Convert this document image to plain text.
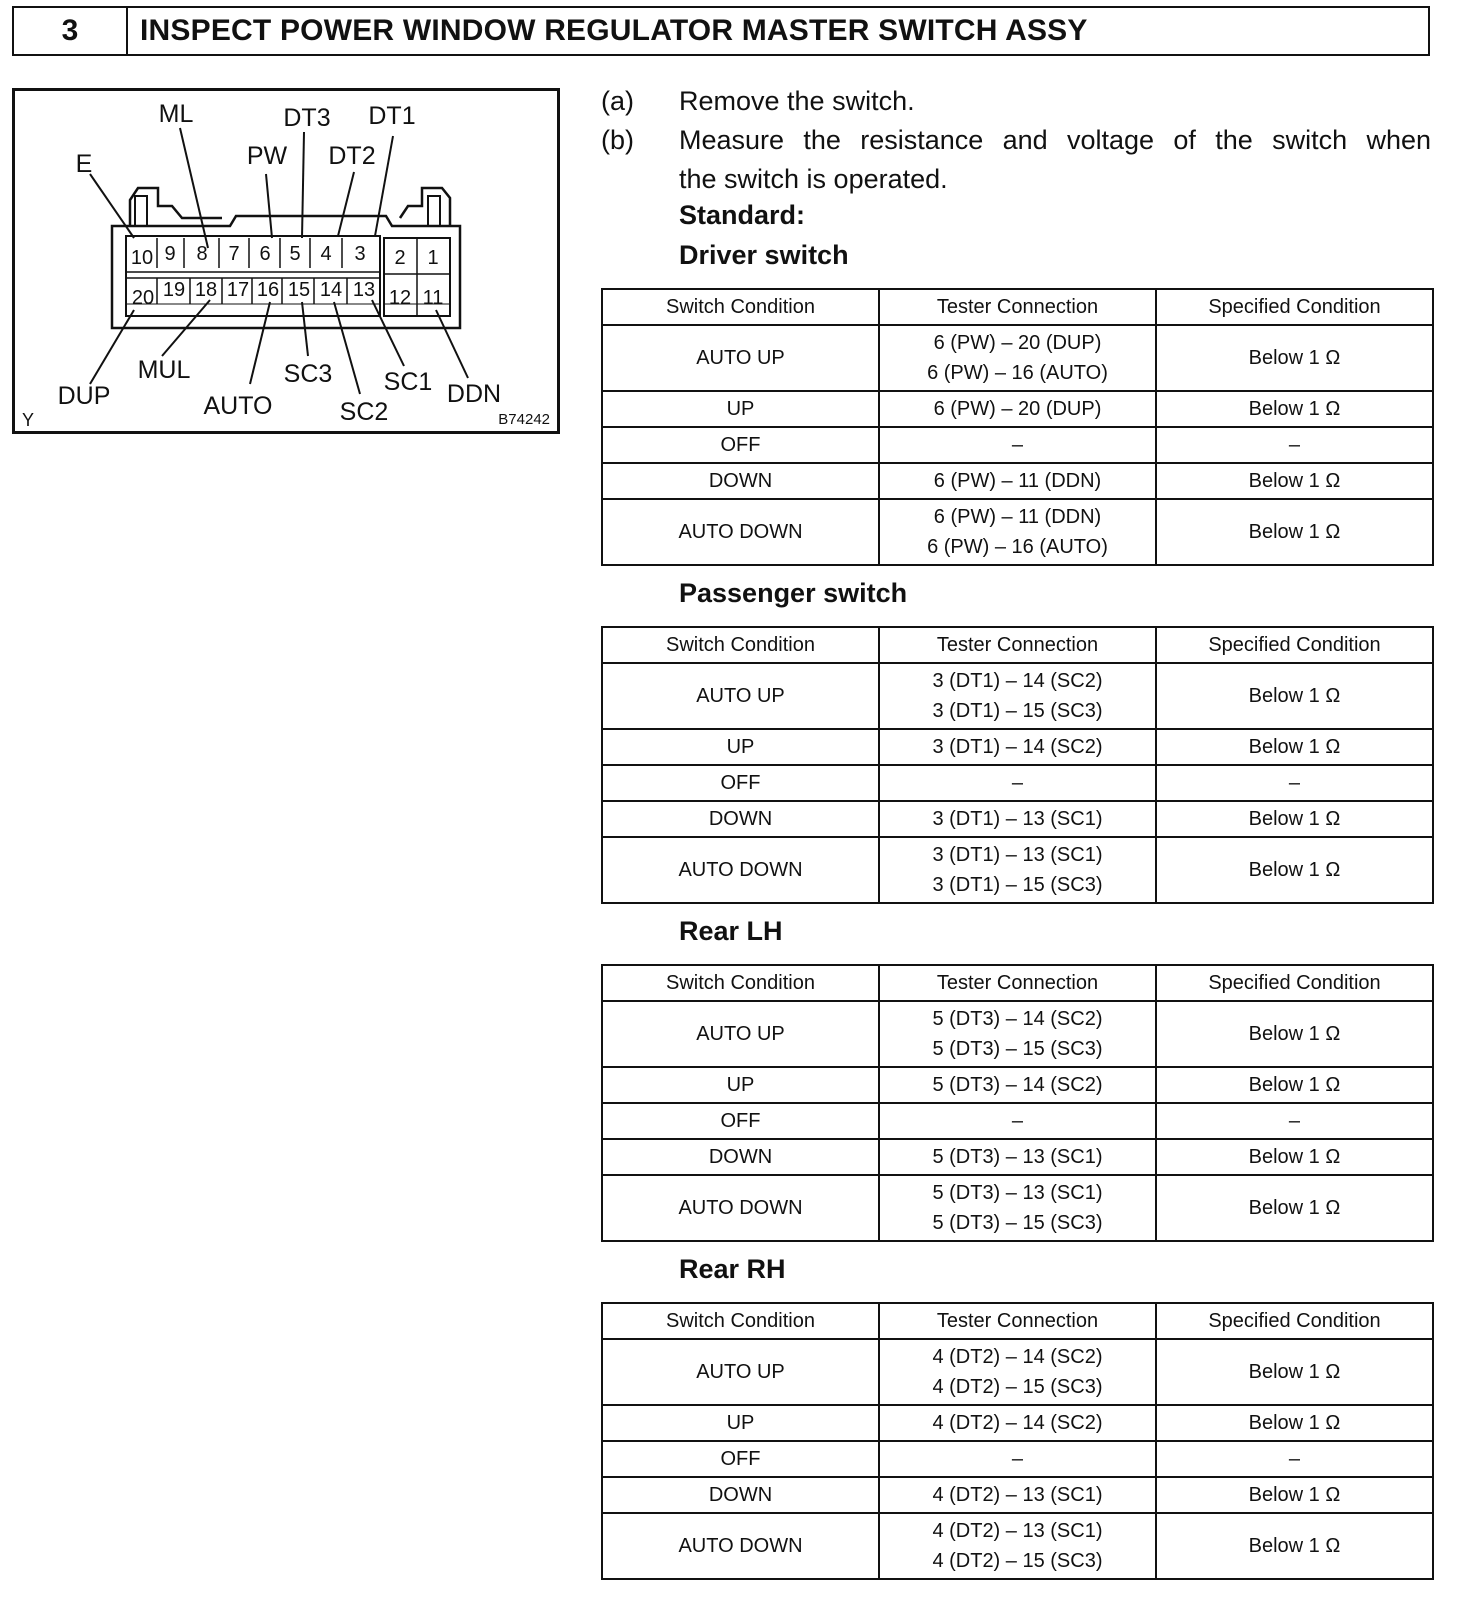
3	INSPECT POWER WINDOW REGULATOR MASTER SWITCH ASSY
10 9 8 7 6 5 4 3 2 1
20 19 18 17 16 15 14 13 12 11
ML	DT3 DT1
E	PW DT2
MUL
DUP
SC3 SC1 DDN
AUTO	SC2
Y	B74242
(a) Remove the switch.
(b) Measure the resistance and voltage of the switch when
the switch is operated.
Standard:
Driver switch
Switch Condition	Tester Connection	Specified Condition
AUTO UP	6 (PW) – 20 (DUP)
6 (PW) – 16 (AUTO)	Below 1 Ω
UP	6 (PW) – 20 (DUP)	Below 1 Ω
OFF	–	–
DOWN	6 (PW) – 11 (DDN)	Below 1 Ω
AUTO DOWN	6 (PW) – 11 (DDN)
6 (PW) – 16 (AUTO)	Below 1 Ω
Passenger switch
Switch Condition	Tester Connection	Specified Condition
AUTO UP	3 (DT1) – 14 (SC2)
3 (DT1) – 15 (SC3)	Below 1 Ω
UP	3 (DT1) – 14 (SC2)	Below 1 Ω
OFF	–	–
DOWN	3 (DT1) – 13 (SC1)	Below 1 Ω
AUTO DOWN	3 (DT1) – 13 (SC1)
3 (DT1) – 15 (SC3)	Below 1 Ω
Rear LH
Switch Condition	Tester Connection	Specified Condition
AUTO UP	5 (DT3) – 14 (SC2)
5 (DT3) – 15 (SC3)	Below 1 Ω
UP	5 (DT3) – 14 (SC2)	Below 1 Ω
OFF	–	–
DOWN	5 (DT3) – 13 (SC1)	Below 1 Ω
AUTO DOWN	5 (DT3) – 13 (SC1)
5 (DT3) – 15 (SC3)	Below 1 Ω
Rear RH
Switch Condition	Tester Connection	Specified Condition
AUTO UP	4 (DT2) – 14 (SC2)
4 (DT2) – 15 (SC3)	Below 1 Ω
UP	4 (DT2) – 14 (SC2)	Below 1 Ω
OFF	–	–
DOWN	4 (DT2) – 13 (SC1)	Below 1 Ω
AUTO DOWN	4 (DT2) – 13 (SC1)
4 (DT2) – 15 (SC3)	Below 1 Ω
